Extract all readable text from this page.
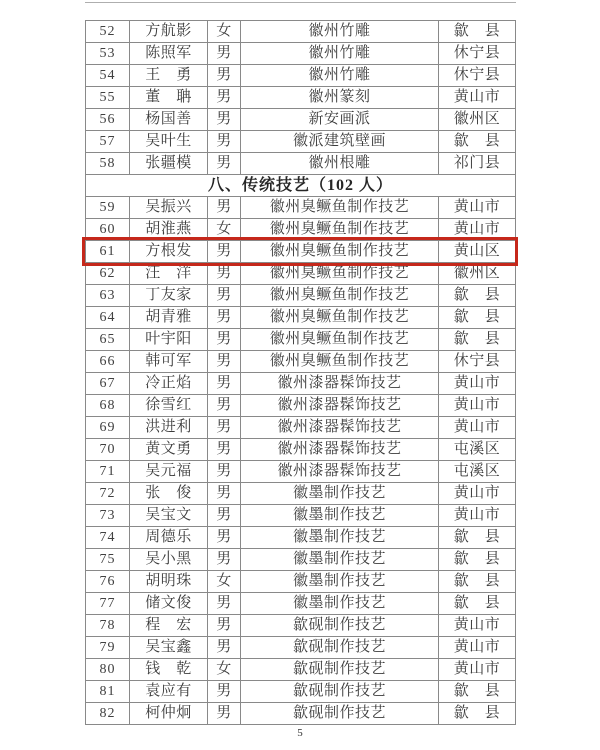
52	方航影	女	徽州竹雕	歙　县
53	陈照军	男	徽州竹雕	休宁县
54	王　勇	男	徽州竹雕	休宁县
55	董　聃	男	徽州篆刻	黄山市
56	杨国善	男	新安画派	徽州区
57	吴叶生	男	徽派建筑壁画	歙　县
58	张疆模	男	徽州根雕	祁门县
八、传统技艺（102 人）				
59	吴振兴	男	徽州臭鳜鱼制作技艺	黄山市
60	胡淮燕	女	徽州臭鳜鱼制作技艺	黄山市
61	方根发	男	徽州臭鳜鱼制作技艺	黄山区
62	汪　洋	男	徽州臭鳜鱼制作技艺	徽州区
63	丁友家	男	徽州臭鳜鱼制作技艺	歙　县
64	胡青雅	男	徽州臭鳜鱼制作技艺	歙　县
65	叶宇阳	男	徽州臭鳜鱼制作技艺	歙　县
66	韩可军	男	徽州臭鳜鱼制作技艺	休宁县
67	冷正焰	男	徽州漆器髹饰技艺	黄山市
68	徐雪红	男	徽州漆器髹饰技艺	黄山市
69	洪进利	男	徽州漆器髹饰技艺	黄山市
70	黄文勇	男	徽州漆器髹饰技艺	屯溪区
71	吴元福	男	徽州漆器髹饰技艺	屯溪区
72	张　俊	男	徽墨制作技艺	黄山市
73	吴宝文	男	徽墨制作技艺	黄山市
74	周德乐	男	徽墨制作技艺	歙　县
75	吴小黑	男	徽墨制作技艺	歙　县
76	胡明珠	女	徽墨制作技艺	歙　县
77	储文俊	男	徽墨制作技艺	歙　县
78	程　宏	男	歙砚制作技艺	黄山市
79	吴宝鑫	男	歙砚制作技艺	黄山市
80	钱　乾	女	歙砚制作技艺	黄山市
81	袁应有	男	歙砚制作技艺	歙　县
82	柯仲炯	男	歙砚制作技艺	歙　县
5
